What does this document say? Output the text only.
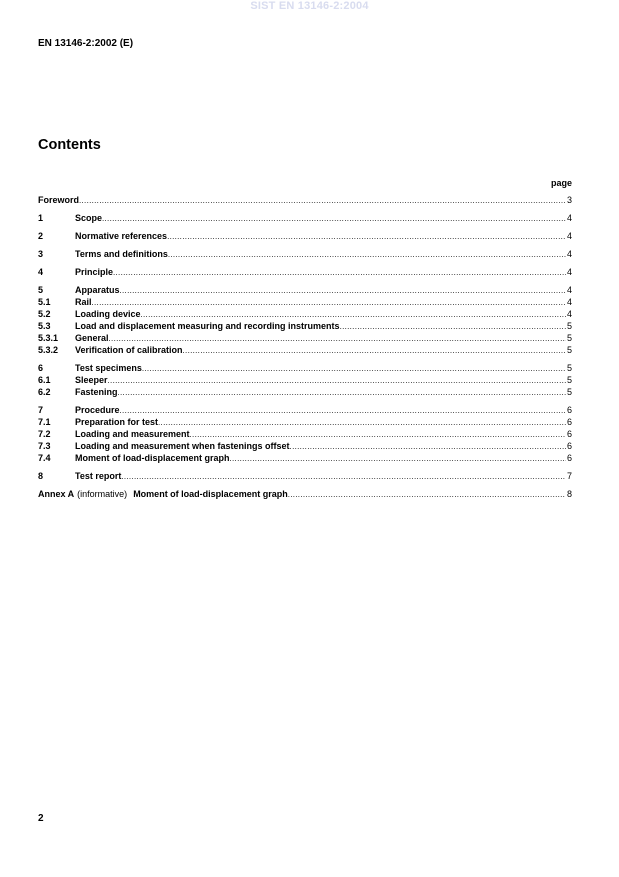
SIST EN 13146-2:2004
EN 13146-2:2002 (E)
Contents
page
Foreword .....	3
1	Scope .....	4
2	Normative references .....	4
3	Terms and definitions .....	4
4	Principle .....	4
5	Apparatus .....	4
5.1	Rail .....	4
5.2	Loading device .....	4
5.3	Load and displacement measuring and recording instruments .....	5
5.3.1	General .....	5
5.3.2	Verification of calibration .....	5
6	Test specimens .....	5
6.1	Sleeper .....	5
6.2	Fastening .....	5
7	Procedure .....	6
7.1	Preparation for test .....	6
7.2	Loading and measurement .....	6
7.3	Loading and measurement when fastenings offset .....	6
7.4	Moment of load-displacement graph .....	6
8	Test report .....	7
Annex A (informative) Moment of load-displacement graph .....	8
2
